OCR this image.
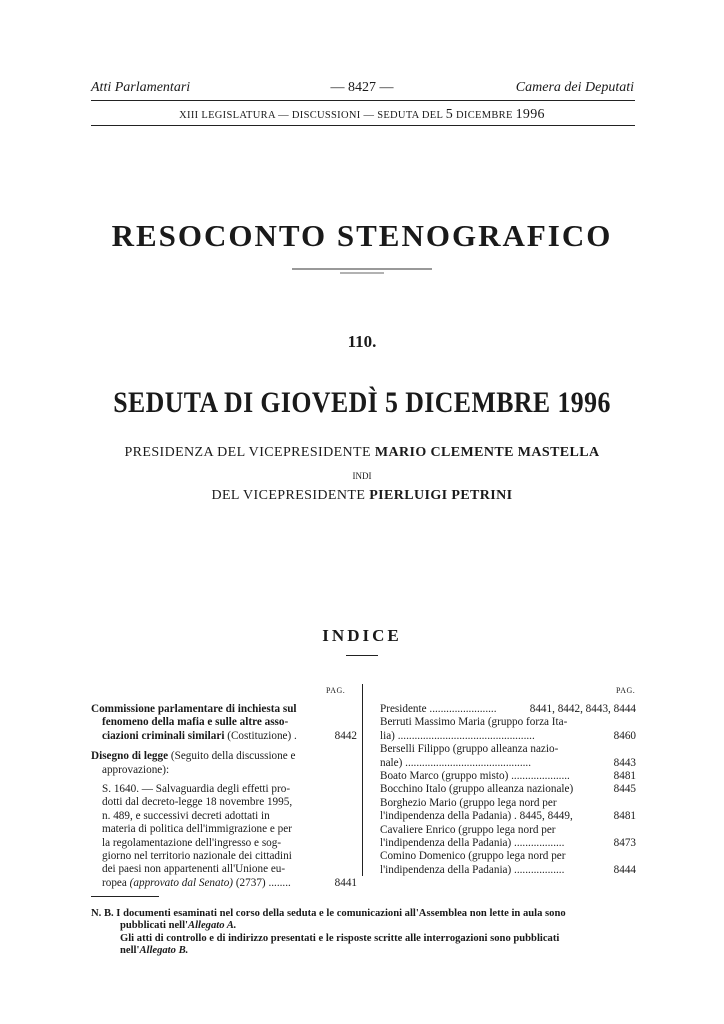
Atti Parlamentari	— 8427 —	Camera dei Deputati
XIII LEGISLATURA — DISCUSSIONI — SEDUTA DEL 5 DICEMBRE 1996
RESOCONTO STENOGRAFICO
110.
SEDUTA DI GIOVEDÌ 5 DICEMBRE 1996
PRESIDENZA DEL VICEPRESIDENTE MARIO CLEMENTE MASTELLA
INDI
DEL VICEPRESIDENTE PIERLUIGI PETRINI
INDICE
PAG.	PAG.
Commissione parlamentare di inchiesta sul
fenomeno della mafia e sulle altre asso-
ciazioni criminali similari (Costituzione) .	8442
Disegno di legge (Seguito della discussione e
approvazione):
S. 1640. — Salvaguardia degli effetti pro-
dotti dal decreto-legge 18 novembre 1995,
n. 489, e successivi decreti adottati in
materia di politica dell'immigrazione e per
la regolamentazione dell'ingresso e sog-
giorno nel territorio nazionale dei cittadini
dei paesi non appartenenti all'Unione eu-
ropea (approvato dal Senato) (2737) ........	8441
Presidente ........................	8441, 8442, 8443, 8444
Berruti Massimo Maria (gruppo forza Ita-
lia) .................................................	8460
Berselli Filippo (gruppo alleanza nazio-
nale) .............................................	8443
Boato Marco (gruppo misto) .....................	8481
Bocchino Italo (gruppo alleanza nazionale)	8445
Borghezio Mario (gruppo lega nord per
l'indipendenza della Padania) . 8445, 8449,	8481
Cavaliere Enrico (gruppo lega nord per
l'indipendenza della Padania) ..................	8473
Comino Domenico (gruppo lega nord per
l'indipendenza della Padania) ..................	8444
N. B. I documenti esaminati nel corso della seduta e le comunicazioni all'Assemblea non lette in aula sono
pubblicati nell'Allegato A.
Gli atti di controllo e di indirizzo presentati e le risposte scritte alle interrogazioni sono pubblicati
nell'Allegato B.
